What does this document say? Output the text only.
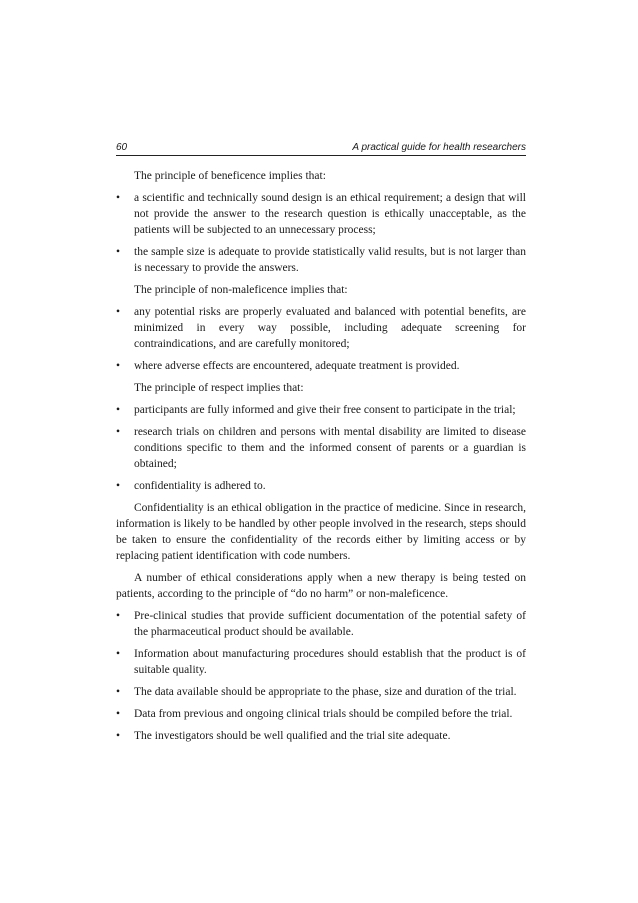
60	A practical guide for health researchers

The principle of beneficence implies that:

• a scientific and technically sound design is an ethical requirement; a design that will not provide the answer to the research question is ethically unacceptable, as the patients will be subjected to an unnecessary process;
• the sample size is adequate to provide statistically valid results, but is not larger than is necessary to provide the answers.

The principle of non-maleficence implies that:

• any potential risks are properly evaluated and balanced with potential benefits, are minimized in every way possible, including adequate screening for contraindications, and are carefully monitored;
• where adverse effects are encountered, adequate treatment is provided.

The principle of respect implies that:

• participants are fully informed and give their free consent to participate in the trial;
• research trials on children and persons with mental disability are limited to disease conditions specific to them and the informed consent of parents or a guardian is obtained;
• confidentiality is adhered to.

Confidentiality is an ethical obligation in the practice of medicine. Since in research, information is likely to be handled by other people involved in the research, steps should be taken to ensure the confidentiality of the records either by limiting access or by replacing patient identification with code numbers.

A number of ethical considerations apply when a new therapy is being tested on patients, according to the principle of “do no harm” or non-maleficence.

• Pre-clinical studies that provide sufficient documentation of the potential safety of the pharmaceutical product should be available.
• Information about manufacturing procedures should establish that the product is of suitable quality.
• The data available should be appropriate to the phase, size and duration of the trial.
• Data from previous and ongoing clinical trials should be compiled before the trial.
• The investigators should be well qualified and the trial site adequate.
